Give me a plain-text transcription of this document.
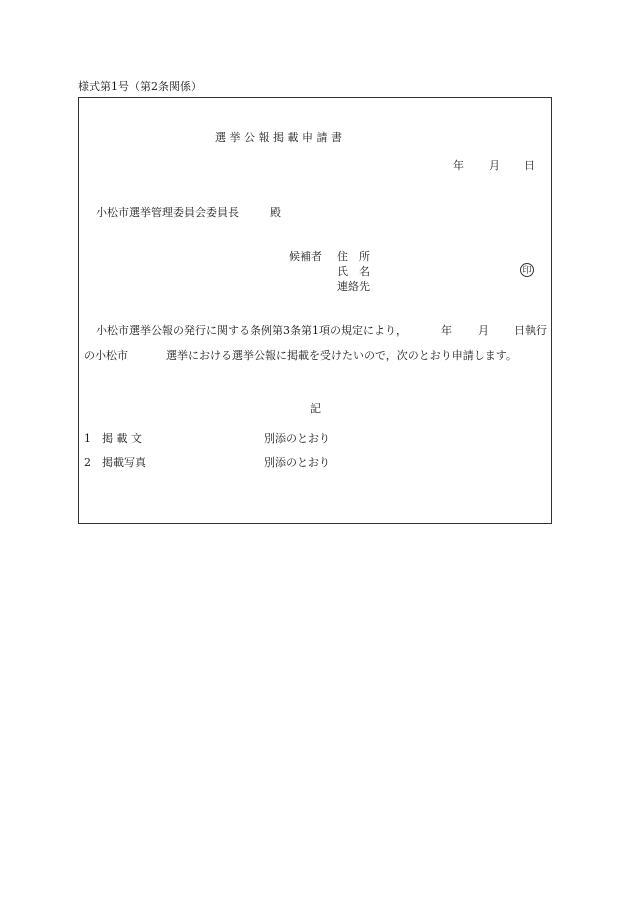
様式第1号（第2条関係）
選 挙 公 報 掲 載 申 請 書
年 月 日
小松市選挙管理委員会委員長	殿
候補者 住　所
氏　名
連絡先
印
小松市選挙公報の発行に関する条例第3条第1項の規定により，	年 月 日執行
の小松市	選挙における選挙公報に掲載を受けたいので，次のとおり申請します。
記
1 掲 載 文	別添のとおり
2 掲載写真	別添のとおり
